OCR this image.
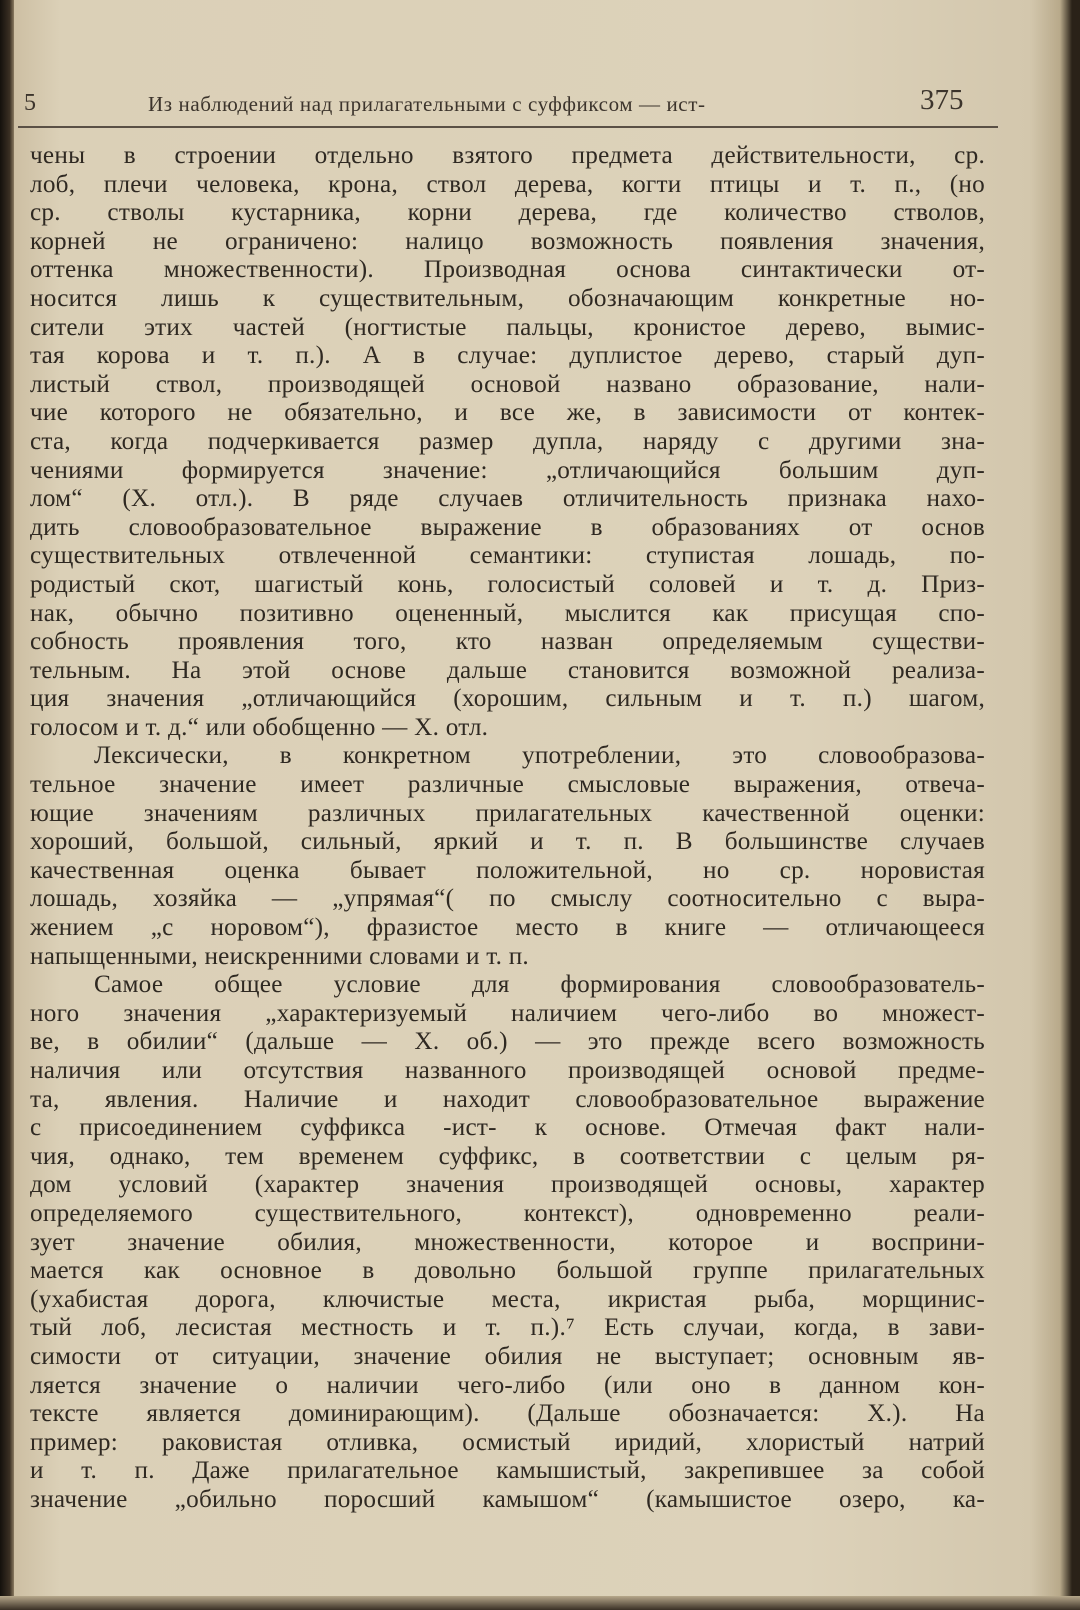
5	Из наблюдений над прилагательными с суффиксом — ист-	375
чены в строении отдельно взятого предмета действительности, ср.
лоб, плечи человека, крона, ствол дерева, когти птицы и т. п., (но
ср. стволы кустарника, корни дерева, где количество стволов,
корней не ограничено: налицо возможность появления значения,
оттенка множественности). Производная основа синтактически от-
носится лишь к существительным, обозначающим конкретные но-
сители этих частей (ногтистые пальцы, кронистое дерево, вымис-
тая корова и т. п.). А в случае: дуплистое дерево, старый дуп-
листый ствол, производящей основой названо образование, нали-
чие которого не обязательно, и все же, в зависимости от контек-
ста, когда подчеркивается размер дупла, наряду с другими зна-
чениями формируется значение: „отличающийся большим дуп-
лом“ (Х. отл.). В ряде случаев отличительность признака нахо-
дить словообразовательное выражение в образованиях от основ
существительных отвлеченной семантики: ступистая лошадь, по-
родистый скот, шагистый конь, голосистый соловей и т. д. Приз-
нак, обычно позитивно оцененный, мыслится как присущая спо-
собность проявления того, кто назван определяемым существи-
тельным. На этой основе дальше становится возможной реализа-
ция значения „отличающийся (хорошим, сильным и т. п.) шагом,
голосом и т. д.“ или обобщенно — Х. отл.
Лексически, в конкретном употреблении, это словообразова-
тельное значение имеет различные смысловые выражения, отвеча-
ющие значениям различных прилагательных качественной оценки:
хороший, большой, сильный, яркий и т. п. В большинстве случаев
качественная оценка бывает положительной, но ср. норовистая
лошадь, хозяйка — „упрямая“( по смыслу соотносительно с выра-
жением „с норовом“), фразистое место в книге — отличающееся
напыщенными, неискренними словами и т. п.
Самое общее условие для формирования словообразователь-
ного значения „характеризуемый наличием чего-либо во множест-
ве, в обилии“ (дальше — Х. об.) — это прежде всего возможность
наличия или отсутствия названного производящей основой предме-
та, явления. Наличие и находит словообразовательное выражение
с присоединением суффикса -ист- к основе. Отмечая факт нали-
чия, однако, тем временем суффикс, в соответствии с целым ря-
дом условий (характер значения производящей основы, характер
определяемого существительного, контекст), одновременно реали-
зует значение обилия, множественности, которое и восприни-
мается как основное в довольно большой группе прилагательных
(ухабистая дорога, ключистые места, икристая рыба, морщинис-
тый лоб, лесистая местность и т. п.).⁷ Есть случаи, когда, в зави-
симости от ситуации, значение обилия не выступает; основным яв-
ляется значение о наличии чего-либо (или оно в данном кон-
тексте является доминирающим). (Дальше обозначается: Х.). На
пример: раковистая отливка, осмистый иридий, хлористый натрий
и т. п. Даже прилагательное камышистый, закрепившее за собой
значение „обильно поросший камышом“ (камышистое озеро, ка-
